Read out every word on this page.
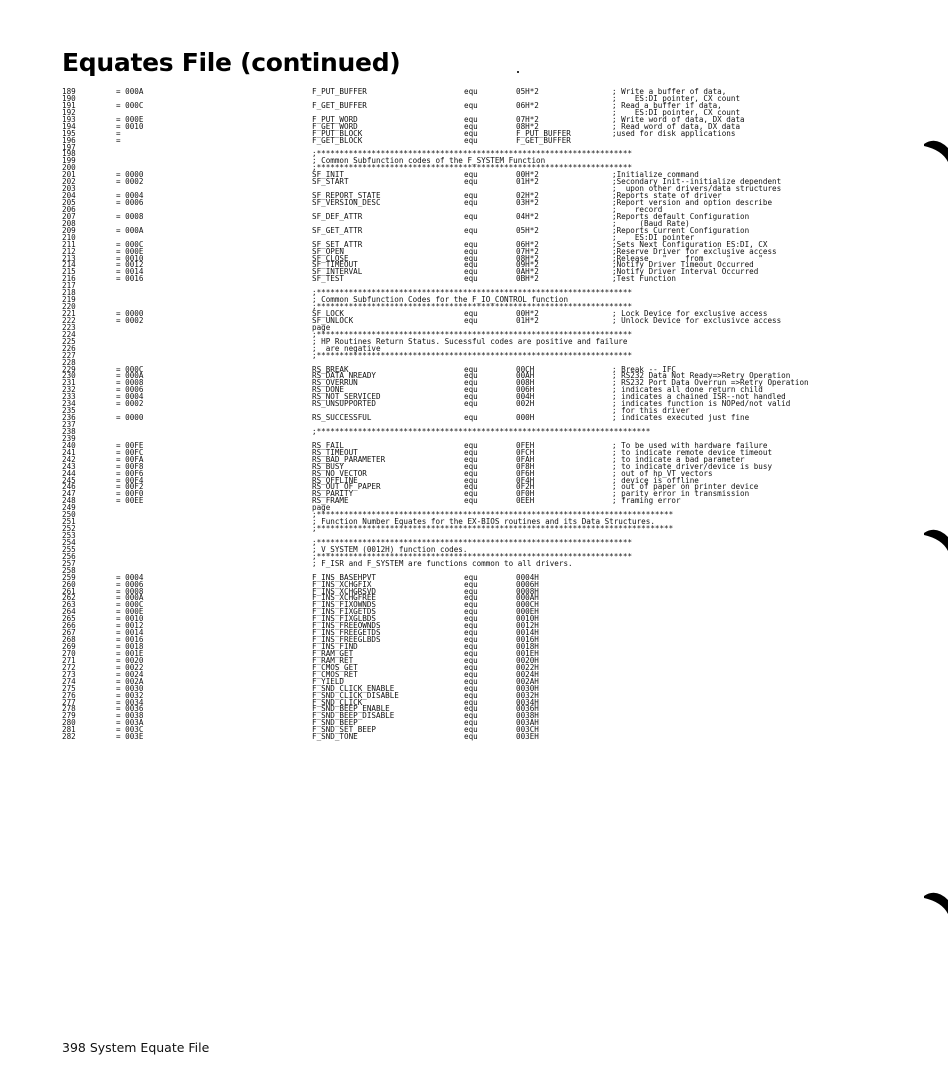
Equates File (continued)
189	= 000A	F_PUT_BUFFER	equ	05H*2	; Write a buffer of data,
190	;    ES:DI pointer, CX count
191	= 000C	F_GET_BUFFER	equ	06H*2	; Read a buffer if data,
192	;    ES:DI pointer, CX count
193	= 000E	F_PUT_WORD	equ	07H*2	; Write word of data, DX data
194	= 0010	F_GET_WORD	equ	08H*2	; Read word of data, DX data
195	=	F_PUT_BLOCK	equ	F_PUT_BUFFER	;used for disk applications
196	=	F_GET_BLOCK	equ	F_GET_BUFFER
197
198	;*********************************************************************
199	; Common Subfunction codes of the F_SYSTEM Function
200	;*********************************************************************
201	= 0000	SF_INIT	equ	00H*2	;Initialize command
202	= 0002	SF_START	equ	01H*2	;Secondary Init--initialize dependent
203	;  upon other drivers/data structures
204	= 0004	SF_REPORT_STATE	equ	02H*2	;Reports state of driver
205	= 0006	SF_VERSION_DESC	equ	03H*2	;Report version and option describe
206	;    record
207	= 0008	SF_DEF_ATTR	equ	04H*2	;Reports default Configuration
208	;     (Baud Rate)
209	= 000A	SF_GET_ATTR	equ	05H*2	;Reports Current Configuration
210	;    ES:DI pointer
211	= 000C	SF_SET_ATTR	equ	06H*2	;Sets Next Configuration ES:DI, CX
212	= 000E	SF_OPEN	equ	07H*2	;Reserve Driver for exclusive access
213	= 0010	SF_CLOSE	equ	08H*2	;Release   "    from     "      "
214	= 0012	SF_TIMEOUT	equ	09H*2	;Notify Driver Timeout Occurred
215	= 0014	SF_INTERVAL	equ	0AH*2	;Notify Driver Interval Occurred
216	= 0016	SF_TEST	equ	0BH*2	;Test Function
217
218	;*********************************************************************
219	; Common Subfunction Codes for the F_IO_CONTROL function
220	;*********************************************************************
221	= 0000	SF_LOCK	equ	00H*2	; Lock Device for exclusive access
222	= 0002	SF_UNLOCK	equ	01H*2	; Unlock Device for exclusivce access
223	page
224	;*********************************************************************
225	; HP Routines Return Status. Sucessful codes are positive and failure
226	;  are negative
227	;*********************************************************************
228
229	= 000C	RS_BREAK	equ	00CH	; Break -- IFC
230	= 000A	RS_DATA_NREADY	equ	00AH	; RS232 Data Not Ready=>Retry Operation
231	= 0008	RS_OVERRUN	equ	008H	; RS232 Port Data Overrun =>Retry Operation
232	= 0006	RS_DONE	equ	006H	; indicates all done return child
233	= 0004	RS_NOT_SERVICED	equ	004H	; indicates a chained ISR--not handled
234	= 0002	RS_UNSUPPORTED	equ	002H	; indicates function is NOPed/not valid
235	; for this driver
236	= 0000	RS_SUCCESSFUL	equ	000H	; indicates executed just fine
237
238	;*************************************************************************
239
240	= 00FE	RS_FAIL	equ	0FEH	; To be used with hardware failure
241	= 00FC	RS_TIMEOUT	equ	0FCH	; to indicate remote device timeout
242	= 00FA	RS_BAD_PARAMETER	equ	0FAH	; to indicate a bad parameter
243	= 00F8	RS_BUSY	equ	0F8H	; to indicate driver/device is busy
244	= 00F6	RS_NO_VECTOR	equ	0F6H	; out of hp_VT vectors
245	= 00F4	RS_OFFLINE	equ	0F4H	; device is offline
246	= 00F2	RS_OUT_OF_PAPER	equ	0F2H	; out of paper on printer device
247	= 00F0	RS_PARITY	equ	0F0H	; parity error in transmission
248	= 00EE	RS_FRAME	equ	0EEH	; framing error
249	page
250	;******************************************************************************
251	; Function Number Equates for the EX-BIOS routines and its Data Structures.
252	;******************************************************************************
253
254	;*********************************************************************
255	; V_SYSTEM (0012H) function codes.
256	;*********************************************************************
257	; F_ISR and F_SYSTEM are functions common to all drivers.
258
259	= 0004	F_INS_BASEHPVT	equ	0004H
260	= 0006	F_INS_XCHGFIX	equ	0006H
261	= 0008	F_INS_XCHGRSVD	equ	0008H
262	= 000A	F_INS_XCHGFREE	equ	000AH
263	= 000C	F_INS_FIXOWNDS	equ	000CH
264	= 000E	F_INS_FIXGETDS	equ	000EH
265	= 0010	F_INS_FIXGLBDS	equ	0010H
266	= 0012	F_INS_FREEOWNDS	equ	0012H
267	= 0014	F_INS_FREEGETDS	equ	0014H
268	= 0016	F_INS_FREEGLBDS	equ	0016H
269	= 0018	F_INS_FIND	equ	0018H
270	= 001E	F_RAM_GET	equ	001EH
271	= 0020	F_RAM_RET	equ	0020H
272	= 0022	F_CMOS_GET	equ	0022H
273	= 0024	F_CMOS_RET	equ	0024H
274	= 002A	F_YIELD	equ	002AH
275	= 0030	F_SND_CLICK_ENABLE	equ	0030H
276	= 0032	F_SND_CLICK_DISABLE	equ	0032H
277	= 0034	F_SND_CLICK	equ	0034H
278	= 0036	F_SND_BEEP_ENABLE	equ	0036H
279	= 0038	F_SND_BEEP_DISABLE	equ	0038H
280	= 003A	F_SND_BEEP	equ	003AH
281	= 003C	F_SND_SET_BEEP	equ	003CH
282	= 003E	F_SND_TONE	equ	003EH
398 System Equate File
